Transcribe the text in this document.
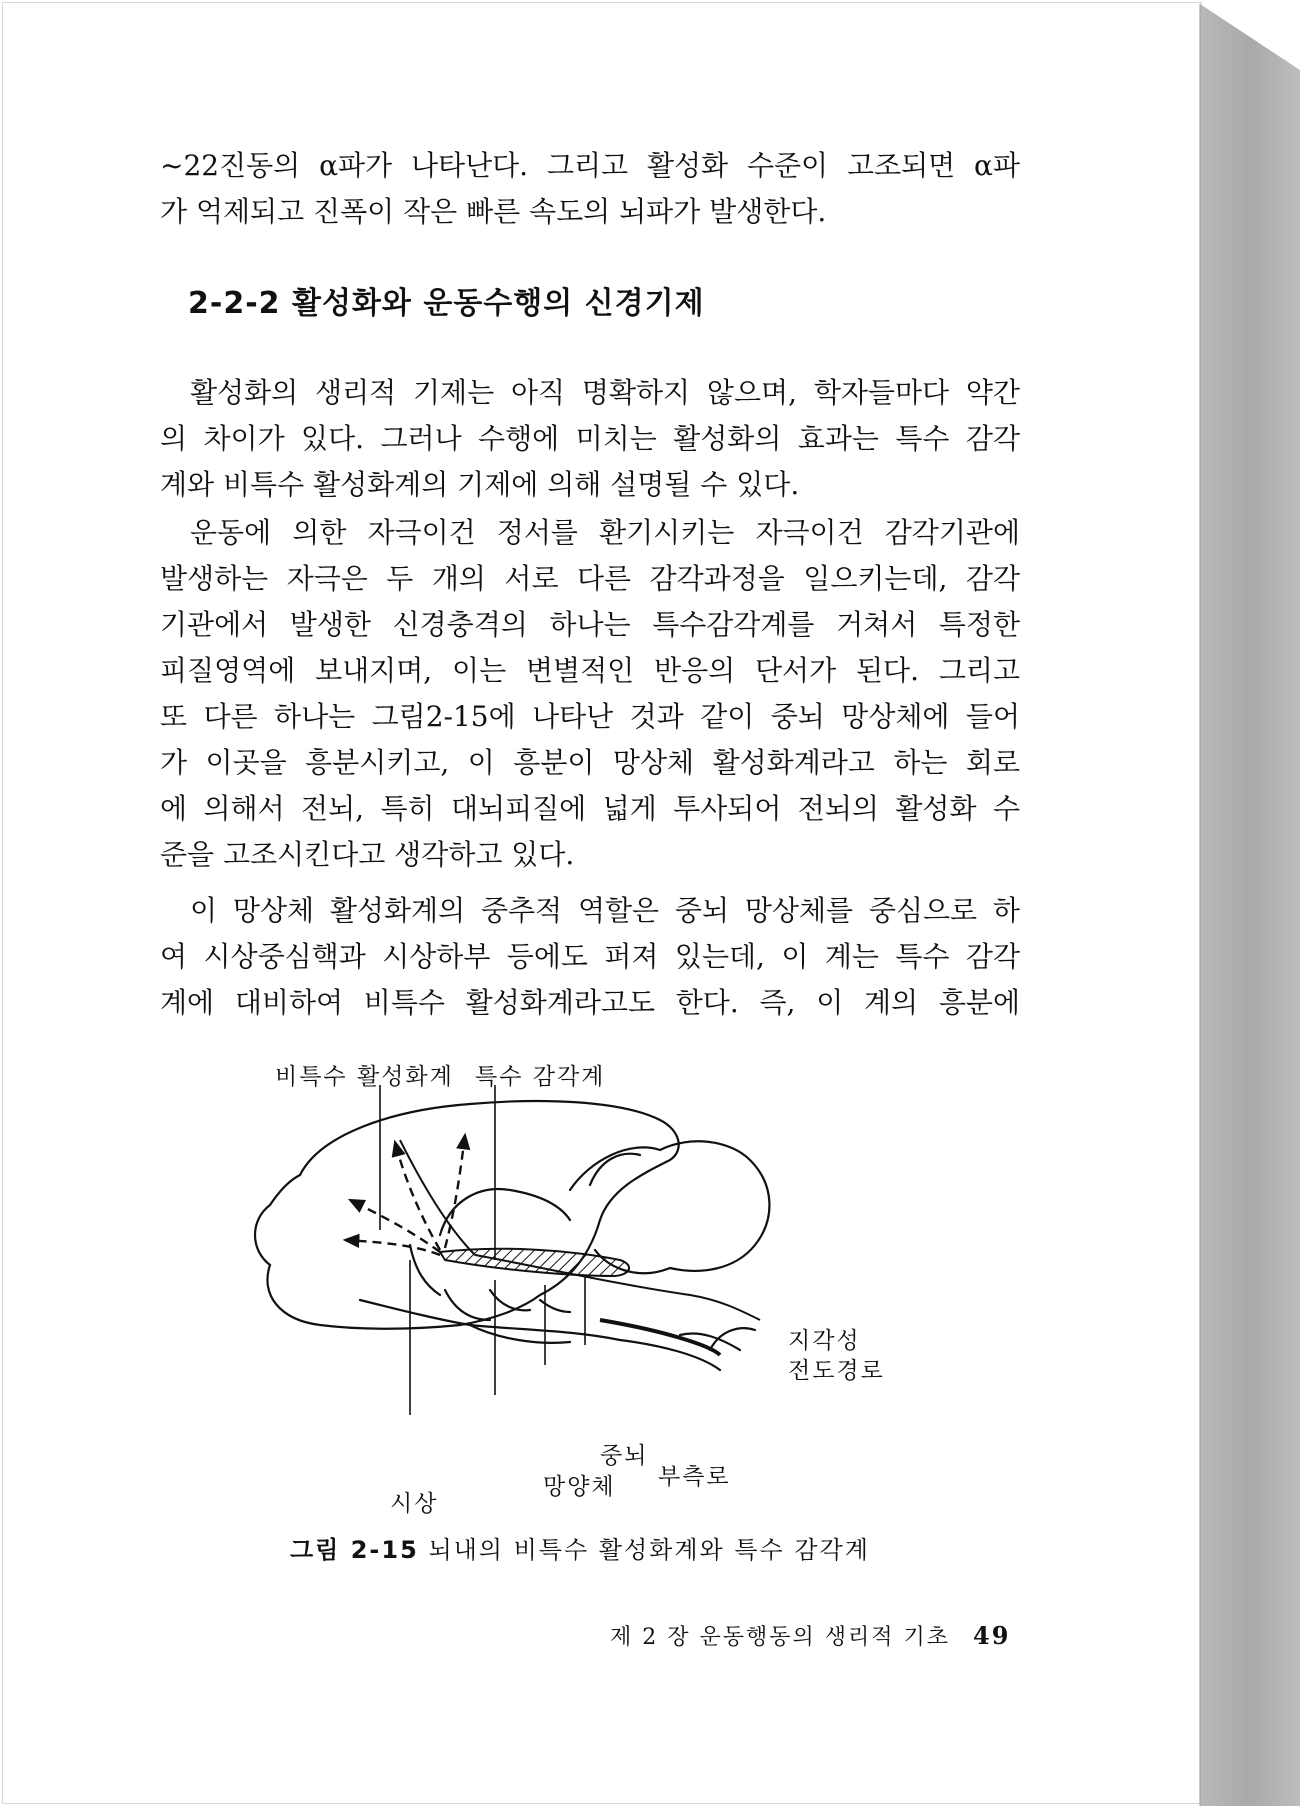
~22진동의 α파가 나타난다. 그리고 활성화 수준이 고조되면 α파
가 억제되고 진폭이 작은 빠른 속도의 뇌파가 발생한다.
2-2-2 활성화와 운동수행의 신경기제
활성화의 생리적 기제는 아직 명확하지 않으며, 학자들마다 약간
의 차이가 있다. 그러나 수행에 미치는 활성화의 효과는 특수 감각
계와 비특수 활성화계의 기제에 의해 설명될 수 있다.
운동에 의한 자극이건 정서를 환기시키는 자극이건 감각기관에
발생하는 자극은 두 개의 서로 다른 감각과정을 일으키는데, 감각
기관에서 발생한 신경충격의 하나는 특수감각계를 거쳐서 특정한
피질영역에 보내지며, 이는 변별적인 반응의 단서가 된다. 그리고
또 다른 하나는 그림2-15에 나타난 것과 같이 중뇌 망상체에 들어
가 이곳을 흥분시키고, 이 흥분이 망상체 활성화계라고 하는 회로
에 의해서 전뇌, 특히 대뇌피질에 넓게 투사되어 전뇌의 활성화 수
준을 고조시킨다고 생각하고 있다.
이 망상체 활성화계의 중추적 역할은 중뇌 망상체를 중심으로 하
여 시상중심핵과 시상하부 등에도 퍼져 있는데, 이 계는 특수 감각
계에 대비하여 비특수 활성화계라고도 한다. 즉, 이 계의 흥분에
비특수 활성화계 특수 감각계
지각성
전도경로
중뇌
부측로
시상
망양체
그림 2-15 뇌내의 비특수 활성화계와 특수 감각계
제 2 장 운동행동의 생리적 기초 49
